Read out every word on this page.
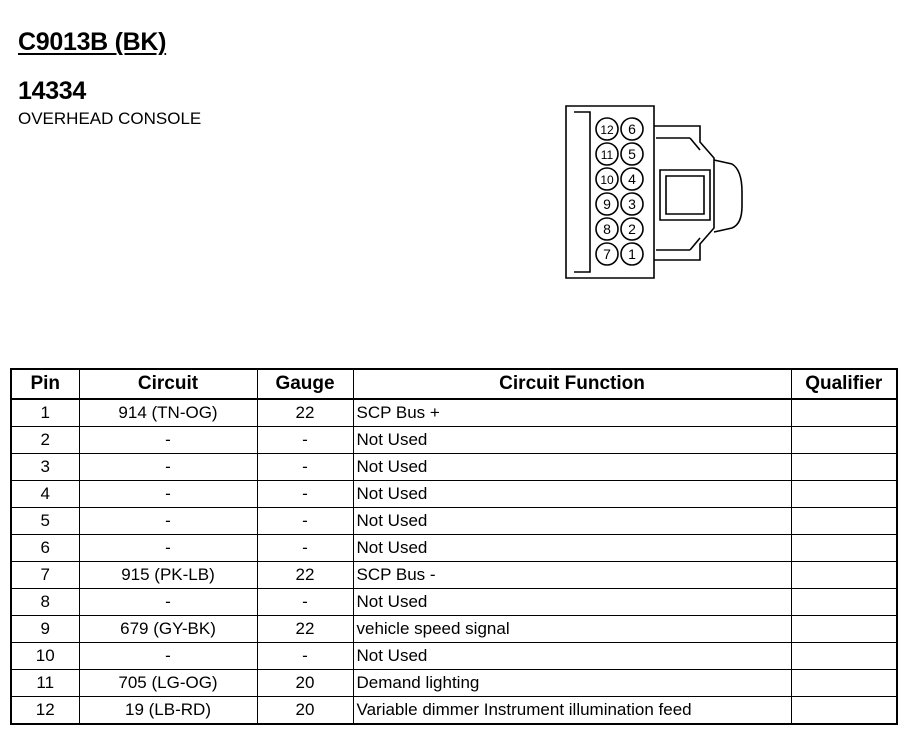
C9013B (BK)
14334
OVERHEAD CONSOLE
12
11
10
9
8
7
6
5
4
3
2
1
Pin	Circuit	Gauge	Circuit Function	Qualifier
1	914 (TN-OG)	22	SCP Bus +	
2	-	-	Not Used	
3	-	-	Not Used	
4	-	-	Not Used	
5	-	-	Not Used	
6	-	-	Not Used	
7	915 (PK-LB)	22	SCP Bus -	
8	-	-	Not Used	
9	679 (GY-BK)	22	vehicle speed signal	
10	-	-	Not Used	
11	705 (LG-OG)	20	Demand lighting	
12	19 (LB-RD)	20	Variable dimmer Instrument illumination feed	
